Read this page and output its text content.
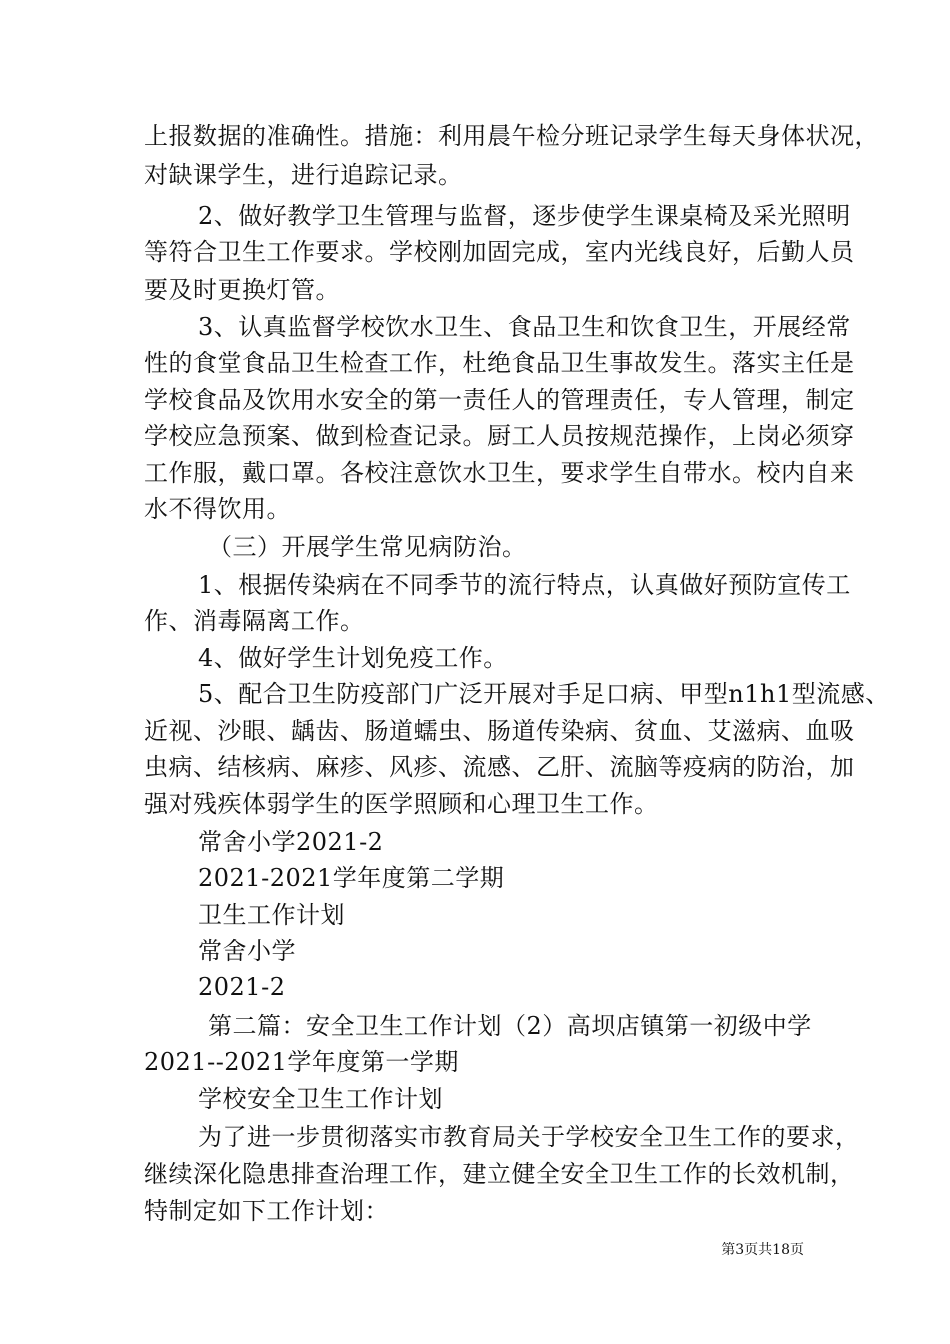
上报数据的准确性。措施：利用晨午检分班记录学生每天身体状况，
对缺课学生，进行追踪记录。
2、做好教学卫生管理与监督，逐步使学生课桌椅及采光照明
等符合卫生工作要求。学校刚加固完成，室内光线良好，后勤人员
要及时更换灯管。
3、认真监督学校饮水卫生、食品卫生和饮食卫生，开展经常
性的食堂食品卫生检查工作，杜绝食品卫生事故发生。落实主任是
学校食品及饮用水安全的第一责任人的管理责任，专人管理，制定
学校应急预案、做到检查记录。厨工人员按规范操作，上岗必须穿
工作服，戴口罩。各校注意饮水卫生，要求学生自带水。校内自来
水不得饮用。
（三）开展学生常见病防治。
1、根据传染病在不同季节的流行特点，认真做好预防宣传工
作、消毒隔离工作。
4、做好学生计划免疫工作。
5、配合卫生防疫部门广泛开展对手足口病、甲型n1h1型流感、
近视、沙眼、龋齿、肠道蠕虫、肠道传染病、贫血、艾滋病、血吸
虫病、结核病、麻疹、风疹、流感、乙肝、流脑等疫病的防治，加
强对残疾体弱学生的医学照顾和心理卫生工作。
常舍小学2021-2
2021-2021学年度第二学期
卫生工作计划
常舍小学
2021-2
第二篇：安全卫生工作计划（2）高坝店镇第一初级中学
2021--2021学年度第一学期
学校安全卫生工作计划
为了进一步贯彻落实市教育局关于学校安全卫生工作的要求，
继续深化隐患排查治理工作，建立健全安全卫生工作的长效机制，
特制定如下工作计划：
第3页共18页
